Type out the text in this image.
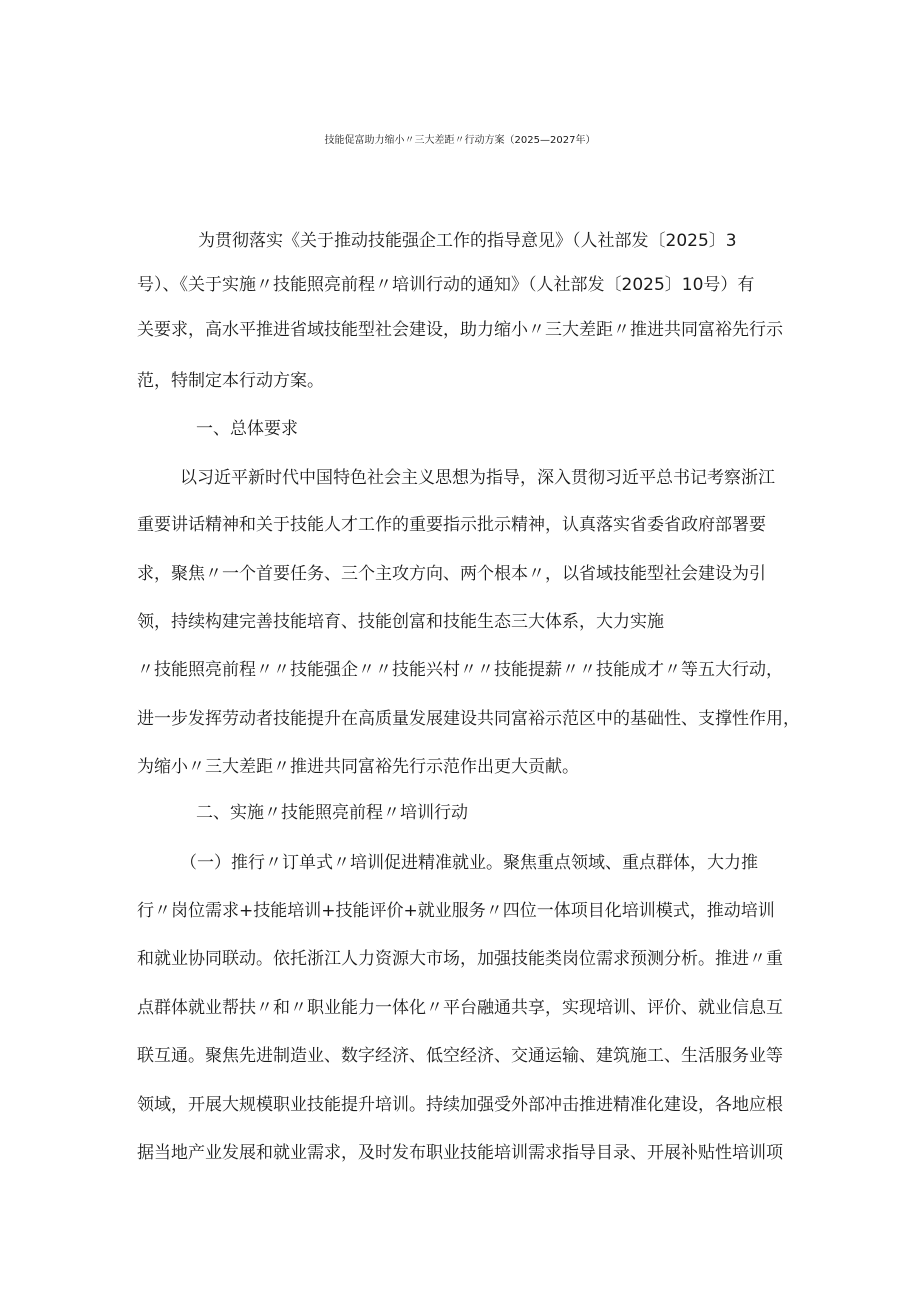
技能促富助力缩小〃三大差距〃行动方案（2025—2027年）
为贯彻落实《关于推动技能强企工作的指导意见》（人社部发〔2025〕3
号）、《关于实施〃技能照亮前程〃培训行动的通知》（人社部发〔2025〕10号）有
关要求，高水平推进省域技能型社会建设，助力缩小〃三大差距〃推进共同富裕先行示
范，特制定本行动方案。
一、总体要求
以习近平新时代中国特色社会主义思想为指导，深入贯彻习近平总书记考察浙江
重要讲话精神和关于技能人才工作的重要指示批示精神，认真落实省委省政府部署要
求，聚焦〃一个首要任务、三个主攻方向、两个根本〃，以省域技能型社会建设为引
领，持续构建完善技能培育、技能创富和技能生态三大体系，大力实施
〃技能照亮前程〃〃技能强企〃〃技能兴村〃〃技能提薪〃〃技能成才〃等五大行动，
进一步发挥劳动者技能提升在高质量发展建设共同富裕示范区中的基础性、支撑性作用，
为缩小〃三大差距〃推进共同富裕先行示范作出更大贡献。
二、实施〃技能照亮前程〃培训行动
（一）推行〃订单式〃培训促进精准就业。聚焦重点领域、重点群体，大力推
行〃岗位需求+技能培训+技能评价+就业服务〃四位一体项目化培训模式，推动培训
和就业协同联动。依托浙江人力资源大市场，加强技能类岗位需求预测分析。推进〃重
点群体就业帮扶〃和〃职业能力一体化〃平台融通共享，实现培训、评价、就业信息互
联互通。聚焦先进制造业、数字经济、低空经济、交通运输、建筑施工、生活服务业等
领域，开展大规模职业技能提升培训。持续加强受外部冲击推进精准化建设，各地应根
据当地产业发展和就业需求，及时发布职业技能培训需求指导目录、开展补贴性培训项
